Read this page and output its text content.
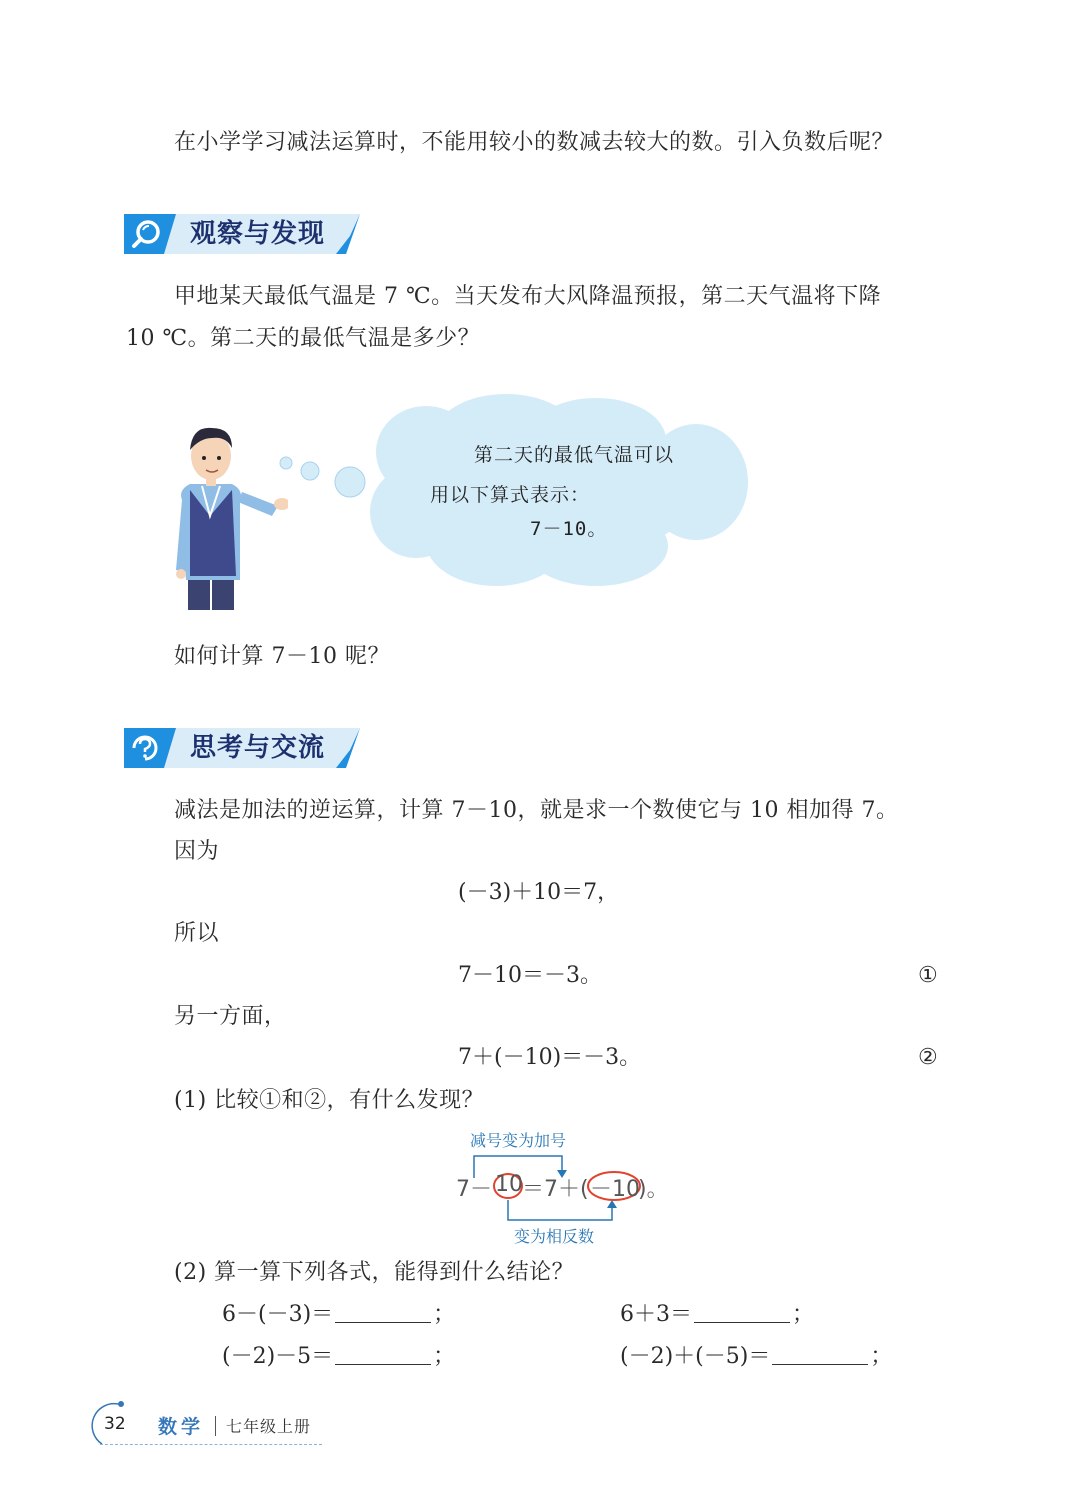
在小学学习减法运算时，不能用较小的数减去较大的数。引入负数后呢？
观察与发现
甲地某天最低气温是 7 ℃。当天发布大风降温预报，第二天气温将下降
10 ℃。第二天的最低气温是多少？
第二天的最低气温可以
用以下算式表示：
7－10。
如何计算 7－10 呢？
思考与交流
减法是加法的逆运算，计算 7－10，就是求一个数使它与 10 相加得 7。
因为
(－3)＋10＝7，
所以
7－10＝－3。	①
另一方面，
7＋(－10)＝－3。	②
(1) 比较①和②，有什么发现？
减号变为加号
7－ 10 ＝7＋( －10
)。
变为相反数
(2) 算一算下列各式，能得到什么结论？
6－(－3)＝	；	6＋3＝	；
(－2)－5＝	；	(－2)＋(－5)＝	；
32 数学 七年级上册
